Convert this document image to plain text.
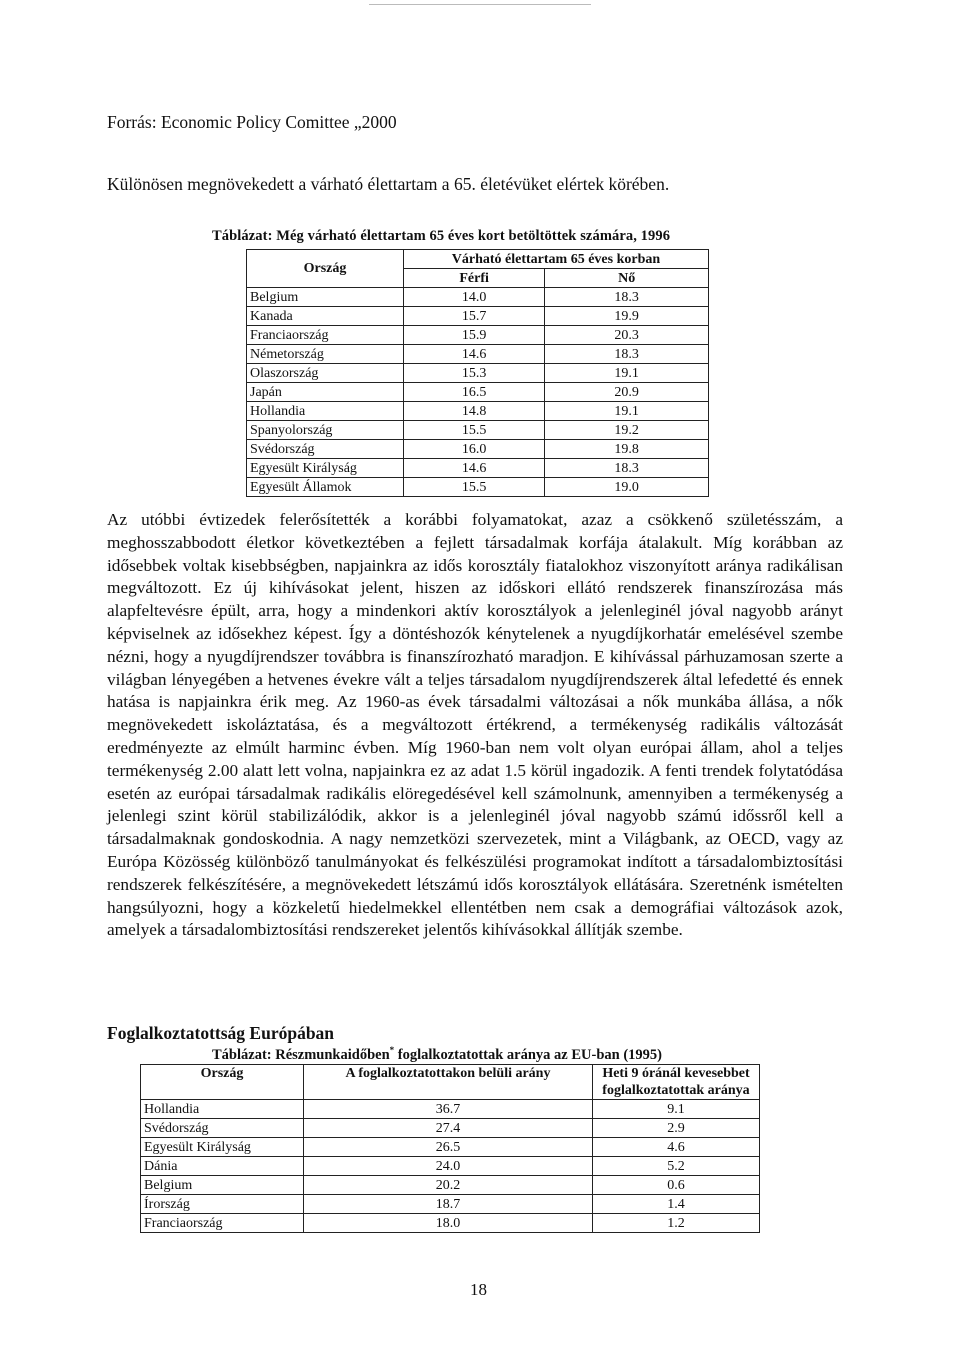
Forrás: Economic Policy Comittee „2000
Különösen megnövekedett a várható élettartam a 65. életévüket elértek körében.
Táblázat: Még várható élettartam 65 éves kort betöltöttek számára, 1996
Ország	Várható élettartam 65 éves korban	
	Férfi	Nő
Belgium	14.0	18.3
Kanada	15.7	19.9
Franciaország	15.9	20.3
Németország	14.6	18.3
Olaszország	15.3	19.1
Japán	16.5	20.9
Hollandia	14.8	19.1
Spanyolország	15.5	19.2
Svédország	16.0	19.8
Egyesült Királyság	14.6	18.3
Egyesült Államok	15.5	19.0

Az utóbbi évtizedek felerősítették a korábbi folyamatokat, azaz a csökkenő születésszám, a meghosszabbodott életkor következtében a fejlett társadalmak korfája átalakult. Míg korábban az idősebbek voltak kisebbségben, napjainkra az idős korosztály fiatalokhoz viszonyított aránya radikálisan megváltozott. Ez új kihívásokat jelent, hiszen az időskori ellátó rendszerek finanszírozása más alapfeltevésre épült, arra, hogy a mindenkori aktív korosztályok a jelenleginél jóval nagyobb arányt képviselnek az idősekhez képest. Így a döntéshozók kénytelenek a nyugdíjkorhatár emelésével szembe nézni, hogy a nyugdíjrendszer továbbra is finanszírozható maradjon. E kihívással párhuzamosan szerte a világban lényegében a hetvenes évekre vált a teljes társadalom nyugdíjrendszerek által lefedetté és ennek hatása is napjainkra érik meg. Az 1960-as évek társadalmi változásai a nők munkába állása, a nők megnövekedett iskoláztatása, és a megváltozott értékrend, a termékenység radikális változását eredményezte az elmúlt harminc évben. Míg 1960-ban nem volt olyan európai állam, ahol a teljes termékenység 2.00 alatt lett volna, napjainkra ez az adat 1.5 körül ingadozik. A fenti trendek folytatódása esetén az európai társadalmak radikális elöregedésével kell számolnunk, amennyiben a termékenység a jelenlegi szint körül stabilizálódik, akkor is a jelenleginél jóval nagyobb számú időssről kell a társadalmaknak gondoskodnia. A nagy nemzetközi szervezetek, mint a Világbank, az OECD, vagy az Európa Közösség különböző tanulmányokat és felkészülési programokat indított a társadalombiztosítási rendszerek felkészítésére, a megnövekedett létszámú idős korosztályok ellátására. Szeretnénk ismételten hangsúlyozni, hogy a közkeletű hiedelmekkel ellentétben nem csak a demográfiai változások azok, amelyek a társadalombiztosítási rendszereket jelentős kihívásokkal állítják szembe.

Foglalkoztatottság Európában
Táblázat: Részmunkaidőben* foglalkoztatottak aránya az EU-ban (1995)
Ország	A foglalkoztatottakon belüli arány	Heti 9 óránál kevesebbet foglalkoztatottak aránya
Hollandia	36.7	9.1
Svédország	27.4	2.9
Egyesült Királyság	26.5	4.6
Dánia	24.0	5.2
Belgium	20.2	0.6
Írország	18.7	1.4
Franciaország	18.0	1.2
18
